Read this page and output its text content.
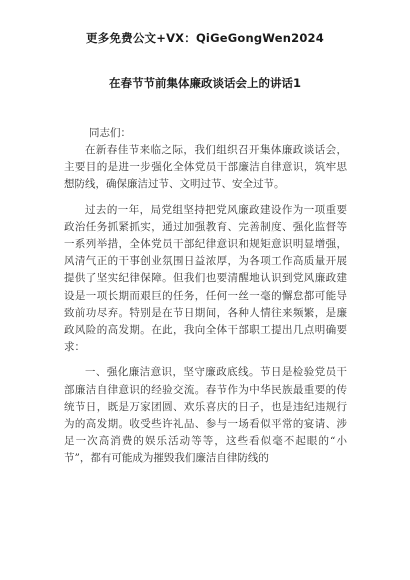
更多免费公文+VX：QiGeGongWen2024
在春节节前集体廉政谈话会上的讲话1
同志们：

在新春佳节来临之际，我们组织召开集体廉政谈话会，主要目的是进一步强化全体党员干部廉洁自律意识，筑牢思想防线，确保廉洁过节、文明过节、安全过节。

过去的一年，局党组坚持把党风廉政建设作为一项重要政治任务抓紧抓实，通过加强教育、完善制度、强化监督等一系列举措，全体党员干部纪律意识和规矩意识明显增强，风清气正的干事创业氛围日益浓厚，为各项工作高质量开展提供了坚实纪律保障。但我们也要清醒地认识到党风廉政建设是一项长期而艰巨的任务，任何一丝一毫的懈怠都可能导致前功尽弃。特别是在节日期间，各种人情往来频繁，是廉政风险的高发期。在此，我向全体干部职工提出几点明确要求：

一、强化廉洁意识，坚守廉政底线。节日是检验党员干部廉洁自律意识的经验交流。春节作为中华民族最重要的传统节日，既是万家团圆、欢乐喜庆的日子，也是违纪违规行为的高发期。收受些许礼品、参与一场看似平常的宴请、涉足一次高消费的娱乐活动等等，这些看似毫不起眼的“小节”，都有可能成为摧毁我们廉洁自律防线的
